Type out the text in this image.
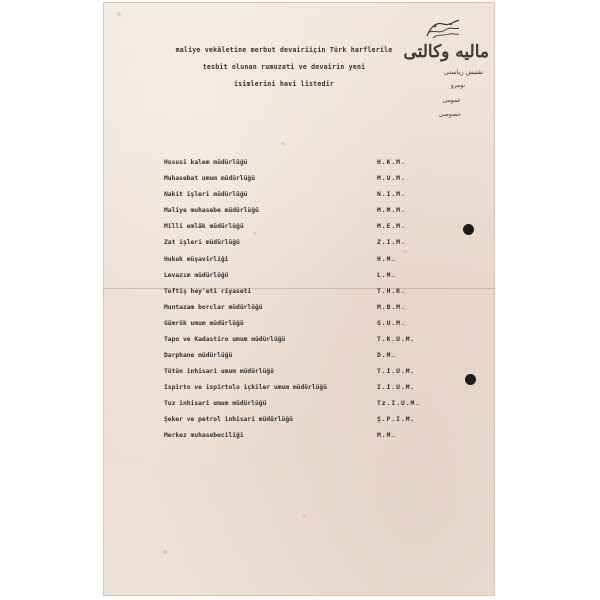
maliye vekâletine merbut devairiiçin Türk harflerile
tesbit olunan rumuzati ve devairin yeni
isimlerini havi listedir
مالیه وكالتی
تفتیش ریاستی
نومرو
عمومی
خصوصی
Hususi kalem müdürlüğü	H.K.M.
Muhasebat umum müdürlüğü	M.U.M.
Nakit işleri müdürlüğü	N.I.M.
Maliye muhasebe müdürlüğü	M.M.M.
Milli emlâk müdürlüğü	M.E.M.
Zat işleri müdürlüğü	Z.I.M.
Hukuk müşavirliği	H.M.
Levazım müdürlüğü	L.M.
Teftiş hey'eti riyaseti	T.H.R.
Muntazam borclar müdürlüğü	M.B.M.
Gümrük umum müdürlüğü	G.U.M.
Tapo ve Kadastiro umum müdürlüğü	T.K.U.M.
Darphane müdürlüğü	D.M.
Tütün inhisari umum müdürlüğü	T.I.U.M.
Ispirto ve ispirtolu içkiler umum müdürlüğü	I.I.U.M.
Tuz inhisari umum müdürlüğü	Tz.I.U.M.
Şeker ve petrol inhisari müdürlüğü	Ş.P.I.M.
Merkez muhasebeciliği	M.M.
